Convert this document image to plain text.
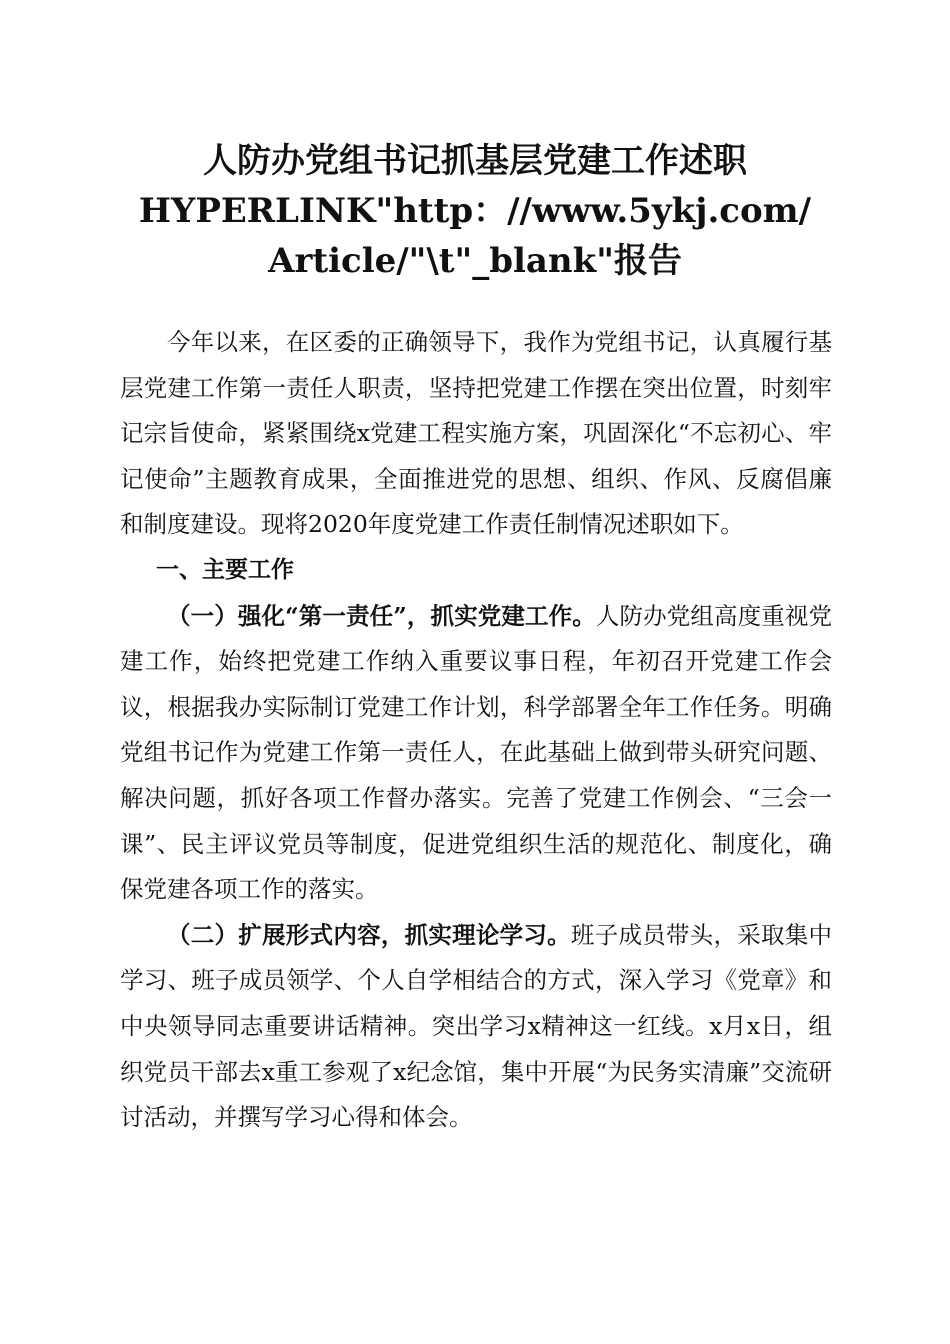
人防办党组书记抓基层党建工作述职
HYPERLINK"http：//www.5ykj.com/
Article/"\t"_blank"报告

今年以来，在区委的正确领导下，我作为党组书记，认真履行基层党建工作第一责任人职责，坚持把党建工作摆在突出位置，时刻牢记宗旨使命，紧紧围绕x党建工程实施方案，巩固深化“不忘初心、牢记使命”主题教育成果，全面推进党的思想、组织、作风、反腐倡廉和制度建设。现将2020年度党建工作责任制情况述职如下。

一、主要工作

（一）强化“第一责任”，抓实党建工作。人防办党组高度重视党建工作，始终把党建工作纳入重要议事日程，年初召开党建工作会议，根据我办实际制订党建工作计划，科学部署全年工作任务。明确党组书记作为党建工作第一责任人，在此基础上做到带头研究问题、解决问题，抓好各项工作督办落实。完善了党建工作例会、“三会一课”、民主评议党员等制度，促进党组织生活的规范化、制度化，确保党建各项工作的落实。

（二）扩展形式内容，抓实理论学习。班子成员带头，采取集中学习、班子成员领学、个人自学相结合的方式，深入学习《党章》和中央领导同志重要讲话精神。突出学习x精神这一红线。x月x日，组织党员干部去x重工参观了x纪念馆，集中开展“为民务实清廉”交流研讨活动，并撰写学习心得和体会。
